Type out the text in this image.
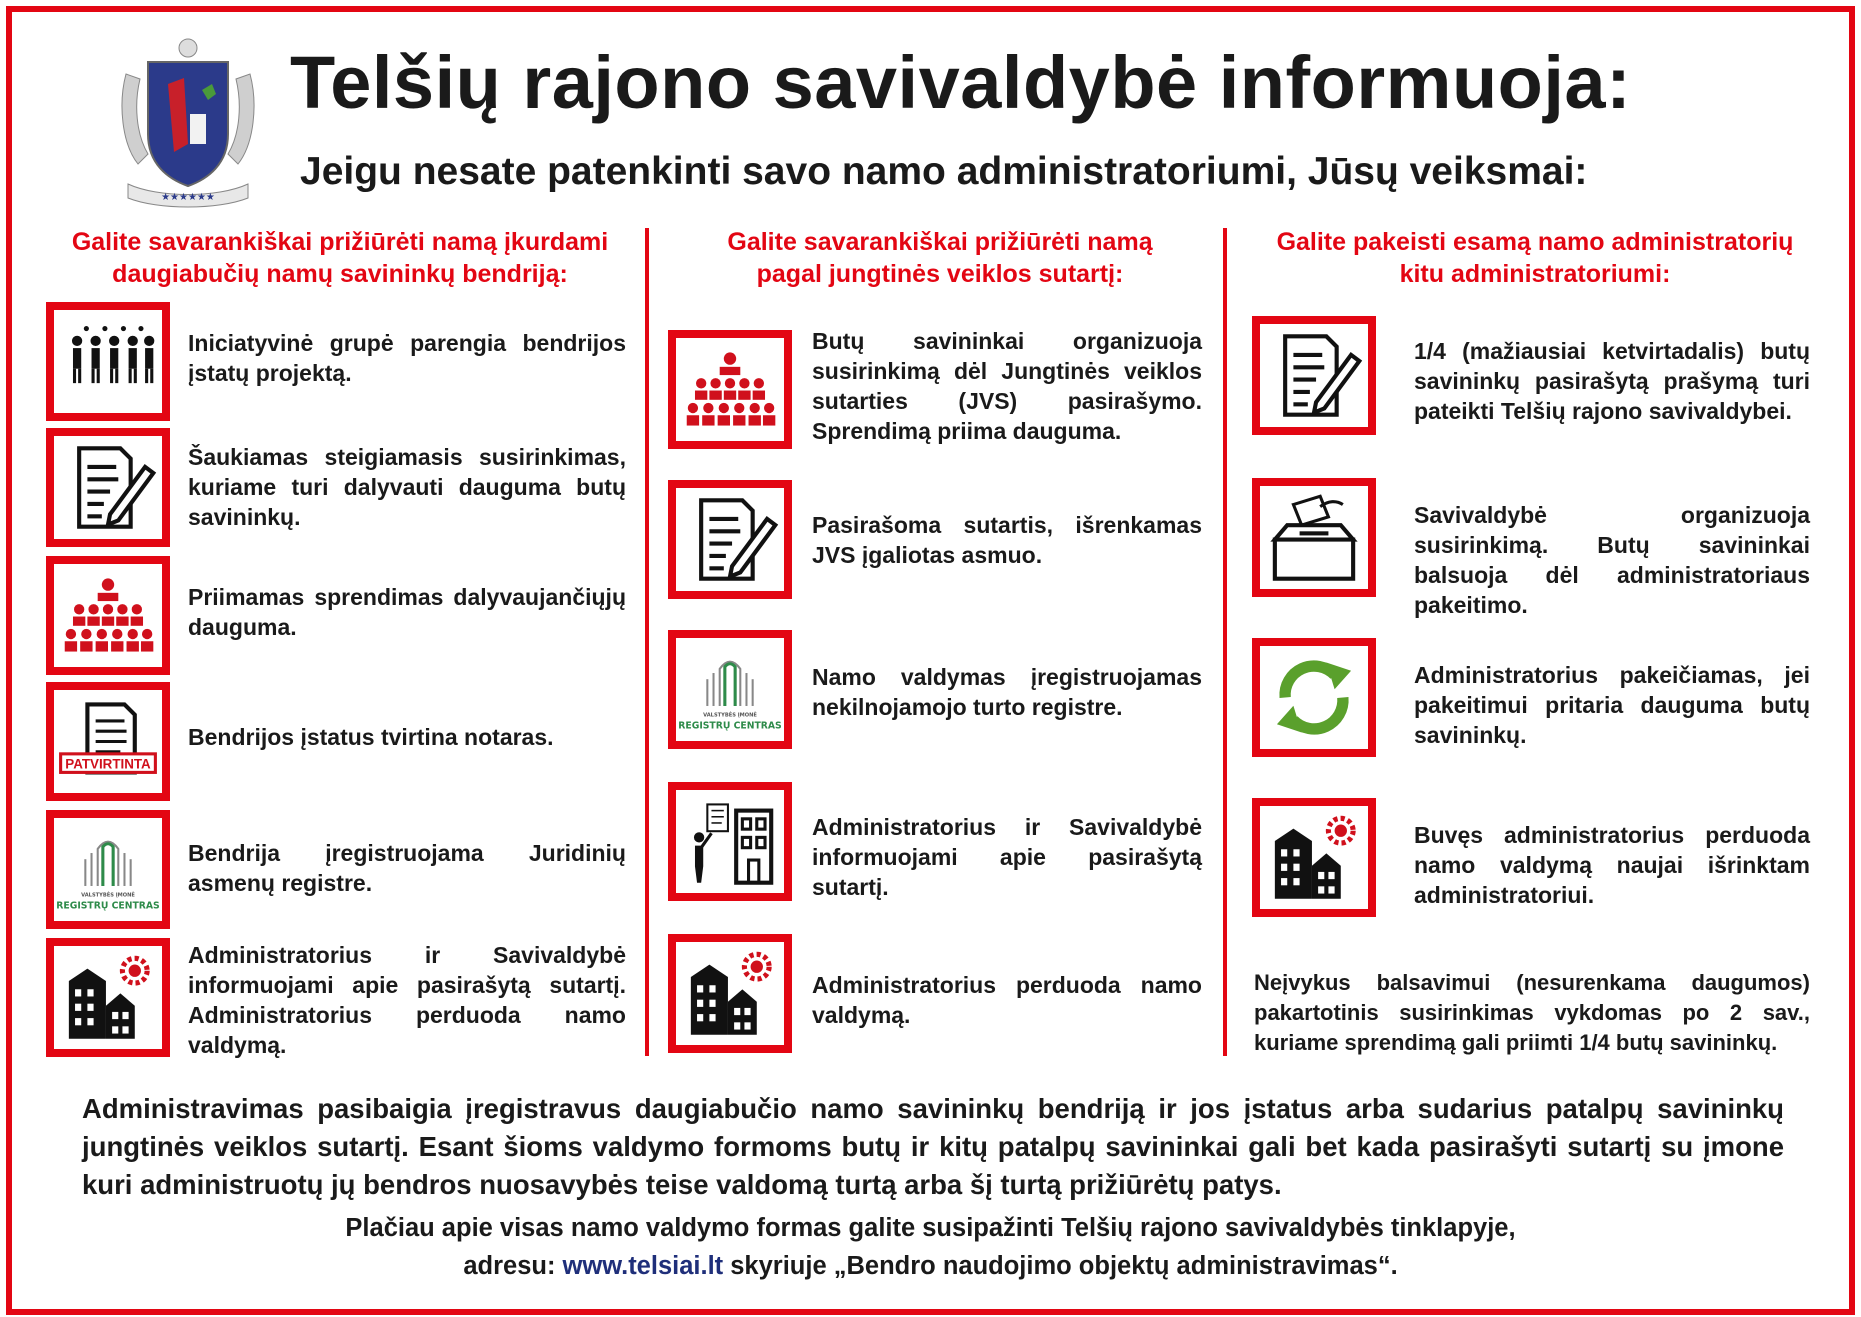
★★★★★★
Telšių rajono savivaldybė informuoja:
Jeigu nesate patenkinti savo namo administratoriumi, Jūsų veiksmai:
Galite savarankiškai prižiūrėti namą įkurdami
daugiabučių namų savininkų bendriją:
Galite savarankiškai prižiūrėti namą
pagal jungtinės veiklos sutartį:
Galite pakeisti esamą namo administratorių
kitu administratoriumi:
Iniciatyvinė grupė parengia bendrijos įstatų projektą.
Šaukiamas steigiamasis susirinkimas, kuriame turi dalyvauti dauguma butų savininkų.
Priimamas sprendimas dalyvaujančiųjų dauguma.
PATVIRTINTA
Bendrijos įstatus tvirtina notaras.
VALSTYBĖS ĮMONĖ
REGISTRŲ CENTRAS
Bendrija įregistruojama Juridinių asmenų registre.
Administratorius ir Savivaldybė informuojami apie pasirašytą sutartį. Administratorius perduoda namo valdymą.
Butų savininkai organizuoja susirinkimą dėl Jungtinės veiklos sutarties (JVS) pasirašymo. Sprendimą priima dauguma.
Pasirašoma sutartis, išrenkamas JVS įgaliotas asmuo.
VALSTYBĖS ĮMONĖ
REGISTRŲ CENTRAS
Namo valdymas įregistruojamas nekilnojamojo turto registre.
Administratorius ir Savivaldybė informuojami apie pasirašytą sutartį.
Administratorius perduoda namo valdymą.
1/4 (mažiausiai ketvirtadalis) butų savininkų pasirašytą prašymą turi pateikti Telšių rajono savivaldybei.
Savivaldybė organizuoja susirinkimą. Butų savininkai balsuoja dėl administratoriaus pakeitimo.
Administratorius pakeičiamas, jei pakeitimui pritaria dauguma butų savininkų.
Buvęs administratorius perduoda namo valdymą naujai išrinktam administratoriui.
Neįvykus balsavimui (nesurenkama daugumos) pakartotinis susirinkimas vykdomas po 2 sav., kuriame sprendimą gali priimti 1/4 butų savininkų.
Administravimas pasibaigia įregistravus daugiabučio namo savininkų bendriją ir jos įstatus arba sudarius patalpų savininkų jungtinės veiklos sutartį. Esant šioms valdymo formoms butų ir kitų patalpų savininkai gali bet kada pasirašyti sutartį su įmone kuri administruotų jų bendros nuosavybės teise valdomą turtą arba šį turtą prižiūrėtų patys.
Plačiau apie visas namo valdymo formas galite susipažinti Telšių rajono savivaldybės tinklapyje,
adresu: www.telsiai.lt skyriuje „Bendro naudojimo objektų administravimas“.
